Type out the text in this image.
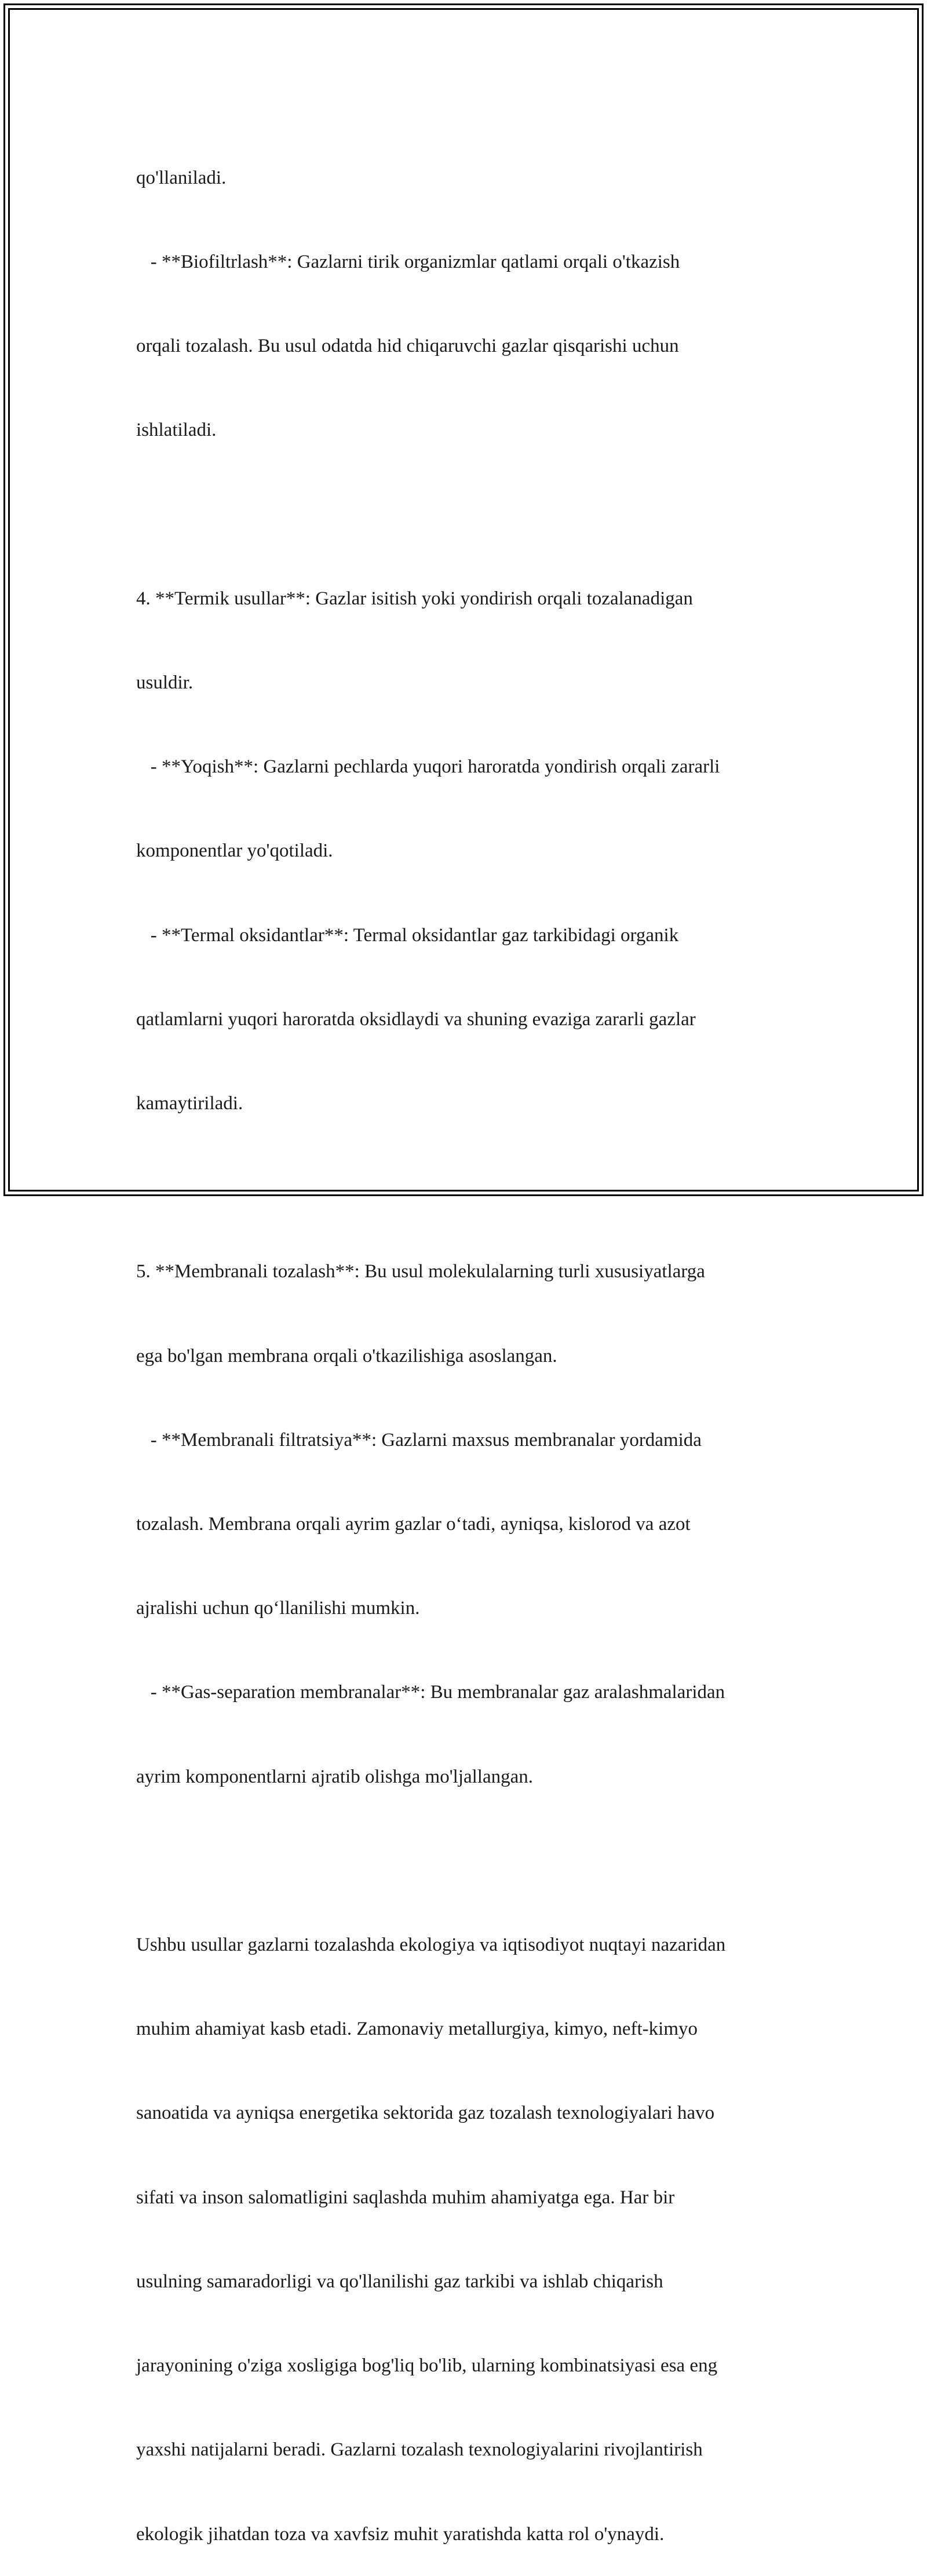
qo'llaniladi.

- **Biofiltrlash**: Gazlarni tirik organizmlar qatlami orqali o'tkazish

orqali tozalash. Bu usul odatda hid chiqaruvchi gazlar qisqarishi uchun

ishlatiladi.

4. **Termik usullar**: Gazlar isitish yoki yondirish orqali tozalanadigan

usuldir.

- **Yoqish**: Gazlarni pechlarda yuqori haroratda yondirish orqali zararli

komponentlar yo'qotiladi.

- **Termal oksidantlar**: Termal oksidantlar gaz tarkibidagi organik

qatlamlarni yuqori haroratda oksidlaydi va shuning evaziga zararli gazlar

kamaytiriladi.

5. **Membranali tozalash**: Bu usul molekulalarning turli xususiyatlarga

ega bo'lgan membrana orqali o'tkazilishiga asoslangan.

- **Membranali filtratsiya**: Gazlarni maxsus membranalar yordamida

tozalash. Membrana orqali ayrim gazlar o‘tadi, ayniqsa, kislorod va azot

ajralishi uchun qo‘llanilishi mumkin.

- **Gas-separation membranalar**: Bu membranalar gaz aralashmalaridan

ayrim komponentlarni ajratib olishga mo'ljallangan.

Ushbu usullar gazlarni tozalashda ekologiya va iqtisodiyot nuqtayi nazaridan

muhim ahamiyat kasb etadi. Zamonaviy metallurgiya, kimyo, neft-kimyo

sanoatida va ayniqsa energetika sektorida gaz tozalash texnologiyalari havo

sifati va inson salomatligini saqlashda muhim ahamiyatga ega. Har bir

usulning samaradorligi va qo'llanilishi gaz tarkibi va ishlab chiqarish

jarayonining o'ziga xosligiga bog'liq bo'lib, ularning kombinatsiyasi esa eng

yaxshi natijalarni beradi. Gazlarni tozalash texnologiyalarini rivojlantirish

ekologik jihatdan toza va xavfsiz muhit yaratishda katta rol o'ynaydi.
